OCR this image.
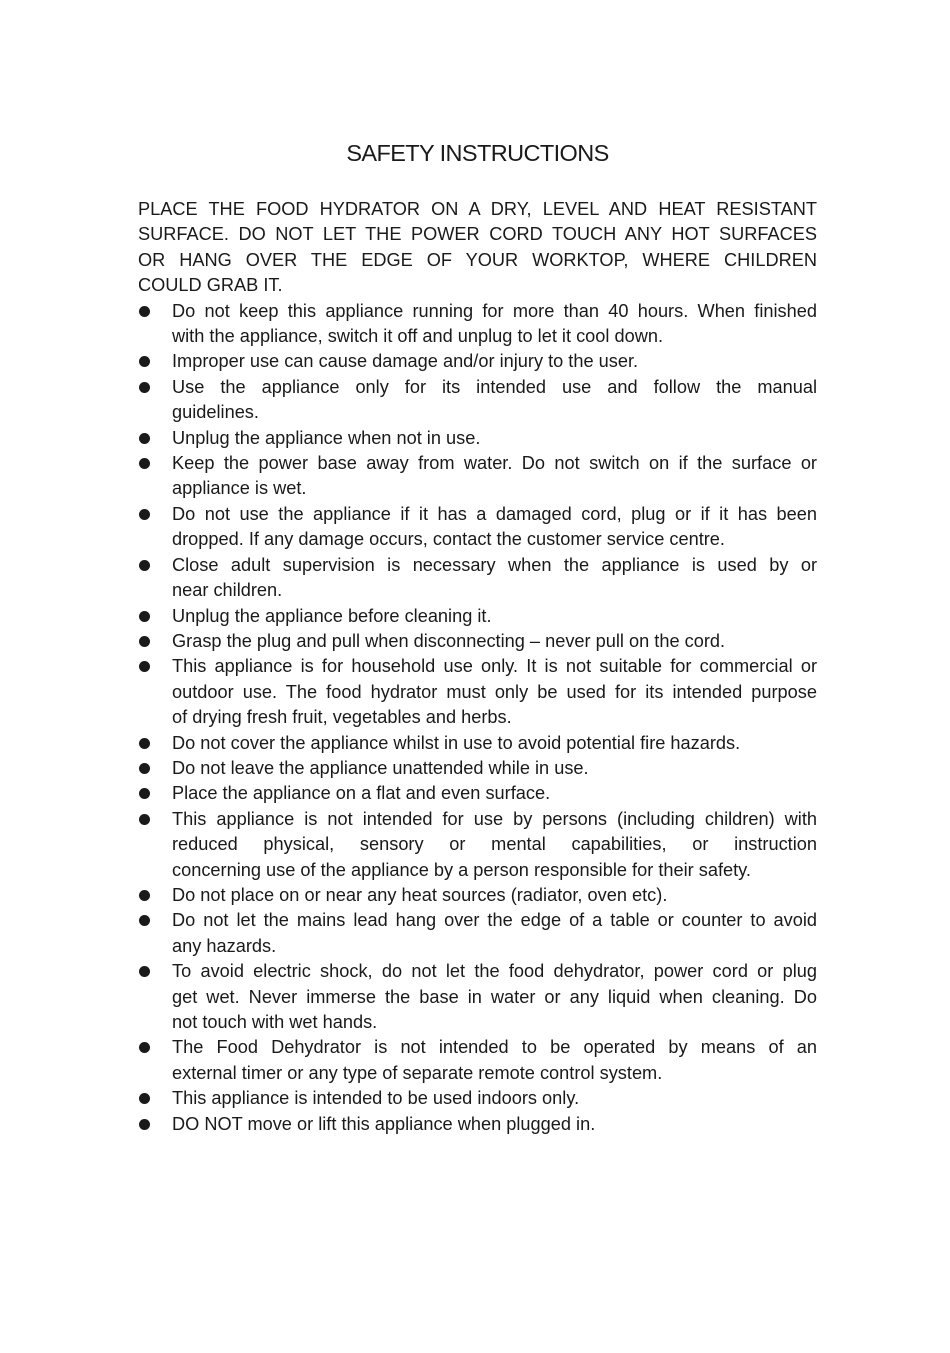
SAFETY INSTRUCTIONS

PLACE THE FOOD HYDRATOR ON A DRY, LEVEL AND HEAT RESISTANT
SURFACE. DO NOT LET THE POWER CORD TOUCH ANY HOT SURFACES
OR HANG OVER THE EDGE OF YOUR WORKTOP, WHERE CHILDREN
COULD GRAB IT.

Do not keep this appliance running for more than 40 hours. When finished
with the appliance, switch it off and unplug to let it cool down.
Improper use can cause damage and/or injury to the user.
Use the appliance only for its intended use and follow the manual
guidelines.
Unplug the appliance when not in use.
Keep the power base away from water. Do not switch on if the surface or
appliance is wet.
Do not use the appliance if it has a damaged cord, plug or if it has been
dropped. If any damage occurs, contact the customer service centre.
Close adult supervision is necessary when the appliance is used by or
near children.
Unplug the appliance before cleaning it.
Grasp the plug and pull when disconnecting – never pull on the cord.
This appliance is for household use only. It is not suitable for commercial or
outdoor use. The food hydrator must only be used for its intended purpose
of drying fresh fruit, vegetables and herbs.
Do not cover the appliance whilst in use to avoid potential fire hazards.
Do not leave the appliance unattended while in use.
Place the appliance on a flat and even surface.
This appliance is not intended for use by persons (including children) with
reduced physical, sensory or mental capabilities, or instruction
concerning use of the appliance by a person responsible for their safety.
Do not place on or near any heat sources (radiator, oven etc).
Do not let the mains lead hang over the edge of a table or counter to avoid
any hazards.
To avoid electric shock, do not let the food dehydrator, power cord or plug
get wet. Never immerse the base in water or any liquid when cleaning. Do
not touch with wet hands.
The Food Dehydrator is not intended to be operated by means of an
external timer or any type of separate remote control system.
This appliance is intended to be used indoors only.
DO NOT move or lift this appliance when plugged in.
